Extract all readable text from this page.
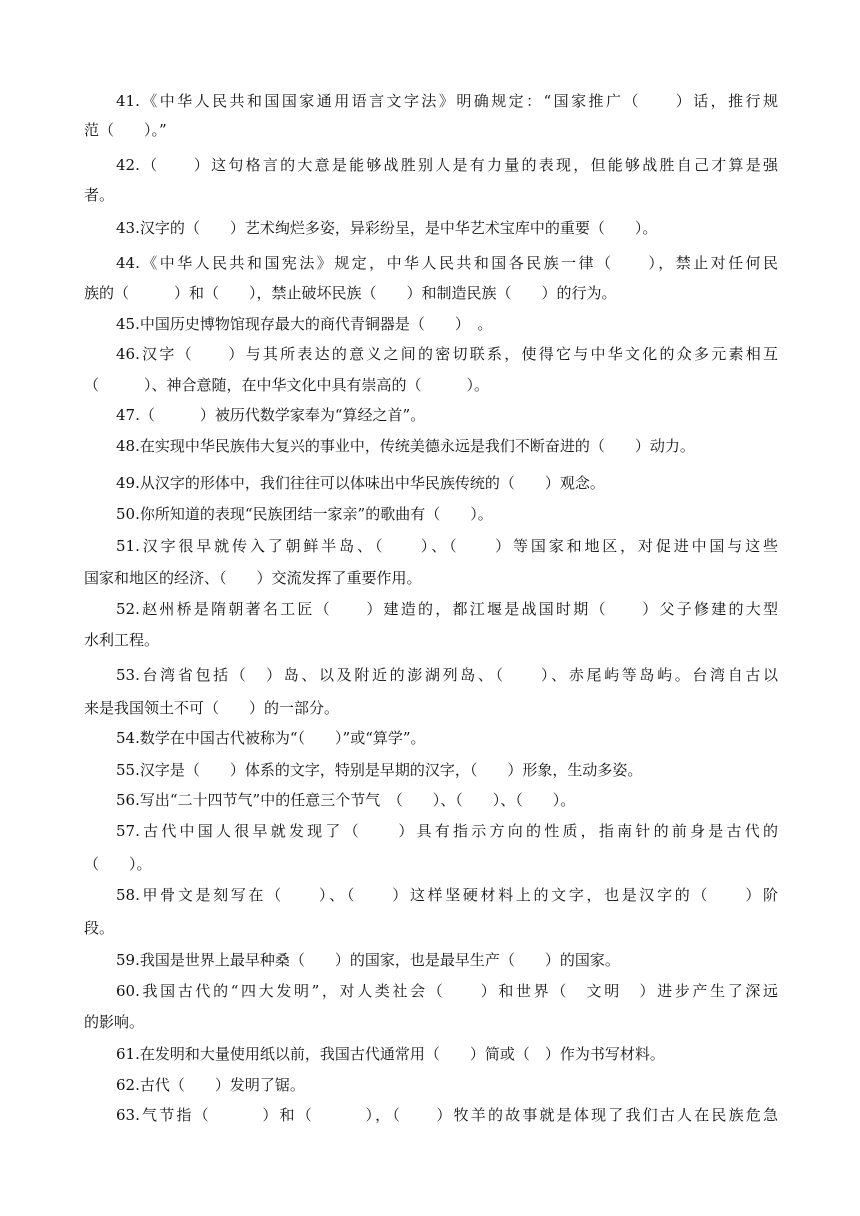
41.《中华人民共和国国家通用语言文字法》明确规定：“国家推广（　　）话，推行规
范（　　）。”
42.（　　）这句格言的大意是能够战胜别人是有力量的表现，但能够战胜自己才算是强
者。
43.汉字的（　　）艺术绚烂多姿，异彩纷呈，是中华艺术宝库中的重要（　　）。
44.《中华人民共和国宪法》规定，中华人民共和国各民族一律（　　），禁止对任何民
族的（　　　）和（　　），禁止破坏民族（　　）和制造民族（　　）的行为。
45.中国历史博物馆现存最大的商代青铜器是（　　）　。
46.汉字（　　）与其所表达的意义之间的密切联系，使得它与中华文化的众多元素相互
（　　　）、神合意随，在中华文化中具有崇高的（　　　）。
47.（　　　）被历代数学家奉为“算经之首”。
48.在实现中华民族伟大复兴的事业中，传统美德永远是我们不断奋进的（　　）动力。
49.从汉字的形体中，我们往往可以体味出中华民族传统的（　　）观念。
50.你所知道的表现“民族团结一家亲”的歌曲有（　　）。
51.汉字很早就传入了朝鲜半岛、（　　）、（　　）等国家和地区，对促进中国与这些
国家和地区的经济、（　　）交流发挥了重要作用。
52.赵州桥是隋朝著名工匠（　　）建造的，都江堰是战国时期（　　）父子修建的大型
水利工程。
53.台湾省包括（　）岛、以及附近的澎湖列岛、（　　）、赤尾屿等岛屿。台湾自古以
来是我国领土不可（　　）的一部分。
54.数学在中国古代被称为“（　　）”或“算学”。
55.汉字是（　　）体系的文字，特别是早期的汉字，（　　）形象，生动多姿。
56.写出“二十四节气”中的任意三个节气　（　　）、（　　）、（　　）。
57.古代中国人很早就发现了（　　）具有指示方向的性质，指南针的前身是古代的
（　　）。
58.甲骨文是刻写在（　　）、（　　）这样坚硬材料上的文字，也是汉字的（　　）阶
段。
59.我国是世界上最早种桑（　　）的国家，也是最早生产（　　）的国家。
60.我国古代的“四大发明”，对人类社会（　　）和世界（　文明　）进步产生了深远
的影响。
61.在发明和大量使用纸以前，我国古代通常用（　　）简或（　）作为书写材料。
62.古代（　　）发明了锯。
63.气节指（　　　）和（　　　），（　　）牧羊的故事就是体现了我们古人在民族危急
